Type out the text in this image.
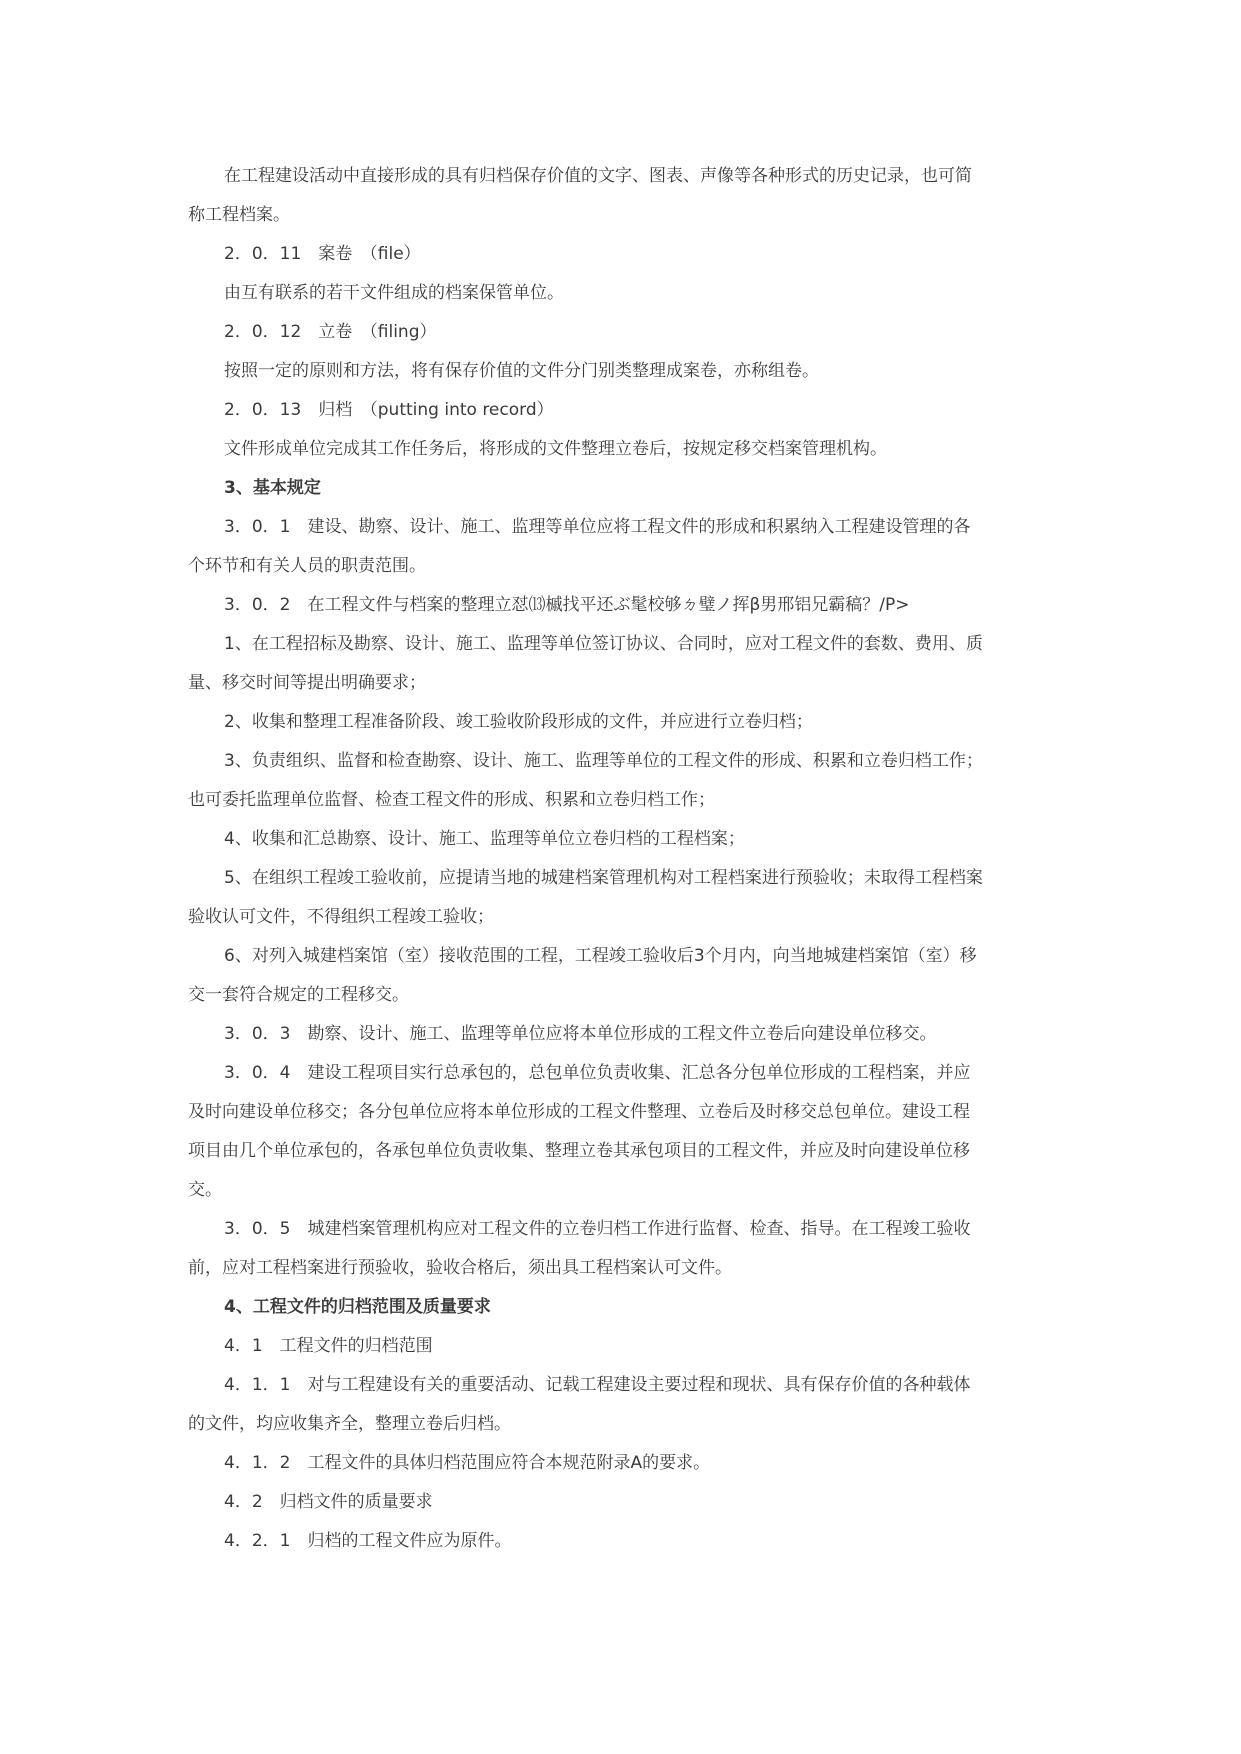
在工程建设活动中直接形成的具有归档保存价值的文字、图表、声像等各种形式的历史记录，也可简
称工程档案。
2．0．11　案卷　（file）
由互有联系的若干文件组成的档案保管单位。
2．0．12　立卷　（filing）
按照一定的原则和方法，将有保存价值的文件分门别类整理成案卷，亦称组卷。
2．0．13　归档　（putting into record）
文件形成单位完成其工作任务后，将形成的文件整理立卷后，按规定移交档案管理机构。
3、基本规定
3．0．1　建设、勘察、设计、施工、监理等单位应将工程文件的形成和积累纳入工程建设管理的各
个环节和有关人员的职责范围。
3．0．2　在工程文件与档案的整理立怼⒀槭找平还ぶ髦校够ㄉ璧ノ挥β男邢铝兄霸稿？/P>
1、在工程招标及勘察、设计、施工、监理等单位签订协议、合同时，应对工程文件的套数、费用、质
量、移交时间等提出明确要求；
2、收集和整理工程准备阶段、竣工验收阶段形成的文件，并应进行立卷归档；
3、负责组织、监督和检查勘察、设计、施工、监理等单位的工程文件的形成、积累和立卷归档工作；
也可委托监理单位监督、检查工程文件的形成、积累和立卷归档工作；
4、收集和汇总勘察、设计、施工、监理等单位立卷归档的工程档案；
5、在组织工程竣工验收前，应提请当地的城建档案管理机构对工程档案进行预验收；未取得工程档案
验收认可文件，不得组织工程竣工验收；
6、对列入城建档案馆（室）接收范围的工程，工程竣工验收后3个月内，向当地城建档案馆（室）移
交一套符合规定的工程移交。
3．0．3　勘察、设计、施工、监理等单位应将本单位形成的工程文件立卷后向建设单位移交。
3．0．4　建设工程项目实行总承包的，总包单位负责收集、汇总各分包单位形成的工程档案，并应
及时向建设单位移交；各分包单位应将本单位形成的工程文件整理、立卷后及时移交总包单位。建设工程
项目由几个单位承包的，各承包单位负责收集、整理立卷其承包项目的工程文件，并应及时向建设单位移
交。
3．0．5　城建档案管理机构应对工程文件的立卷归档工作进行监督、检查、指导。在工程竣工验收
前，应对工程档案进行预验收，验收合格后，须出具工程档案认可文件。
4、工程文件的归档范围及质量要求
4．1　工程文件的归档范围
4．1．1　对与工程建设有关的重要活动、记载工程建设主要过程和现状、具有保存价值的各种载体
的文件，均应收集齐全，整理立卷后归档。
4．1．2　工程文件的具体归档范围应符合本规范附录A的要求。
4．2　归档文件的质量要求
4．2．1　归档的工程文件应为原件。
